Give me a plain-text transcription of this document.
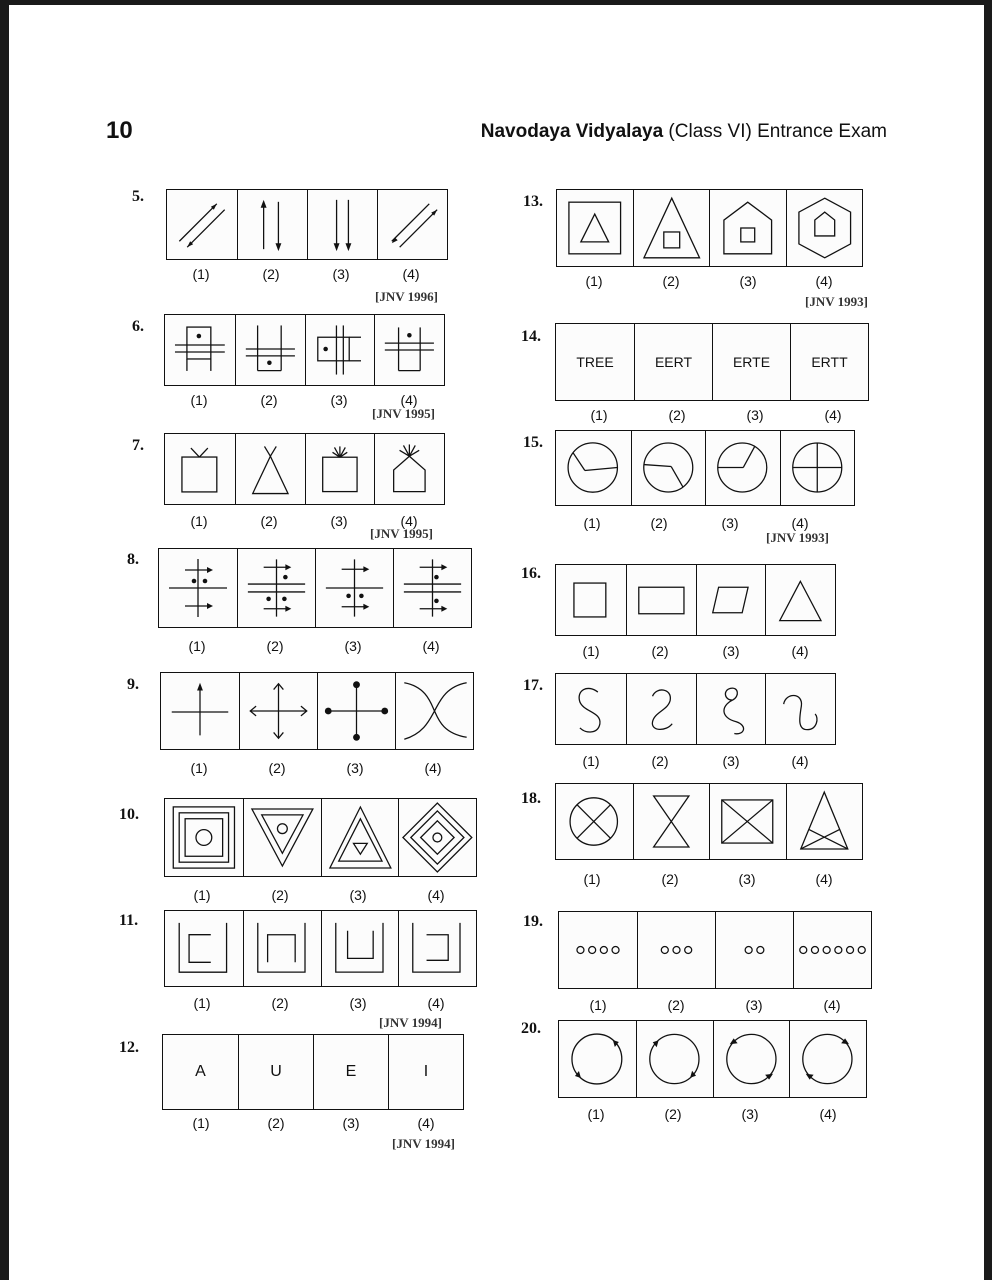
10	Navodaya Vidyalaya (Class VI) Entrance Exam
5.
(1)	(2)	(3)	(4)
[JNV 1996]
6.
(1)	(2)	(3)	(4)
[JNV 1995]
7.
(1)	(2)	(3)	(4)
[JNV 1995]
8.
(1)	(2)	(3)	(4)
9.
(1)	(2)	(3)	(4)
10.
(1)	(2)	(3)	(4)
11.
(1)	(2)	(3)	(4)
[JNV 1994]
12.
A	U	E	I
(1)	(2)	(3)	(4)
[JNV 1994]
13.
(1)	(2)	(3)	(4)
[JNV 1993]
14.
TREE	EERT	ERTE	ERTT
(1)	(2)	(3)	(4)
15.
(1)	(2)	(3)	(4)
[JNV 1993]
16.
(1)	(2)	(3)	(4)
17.
(1)	(2)	(3)	(4)
18.
(1)	(2)	(3)	(4)
19.
(1)	(2)	(3)	(4)
20.
(1)	(2)	(3)	(4)
